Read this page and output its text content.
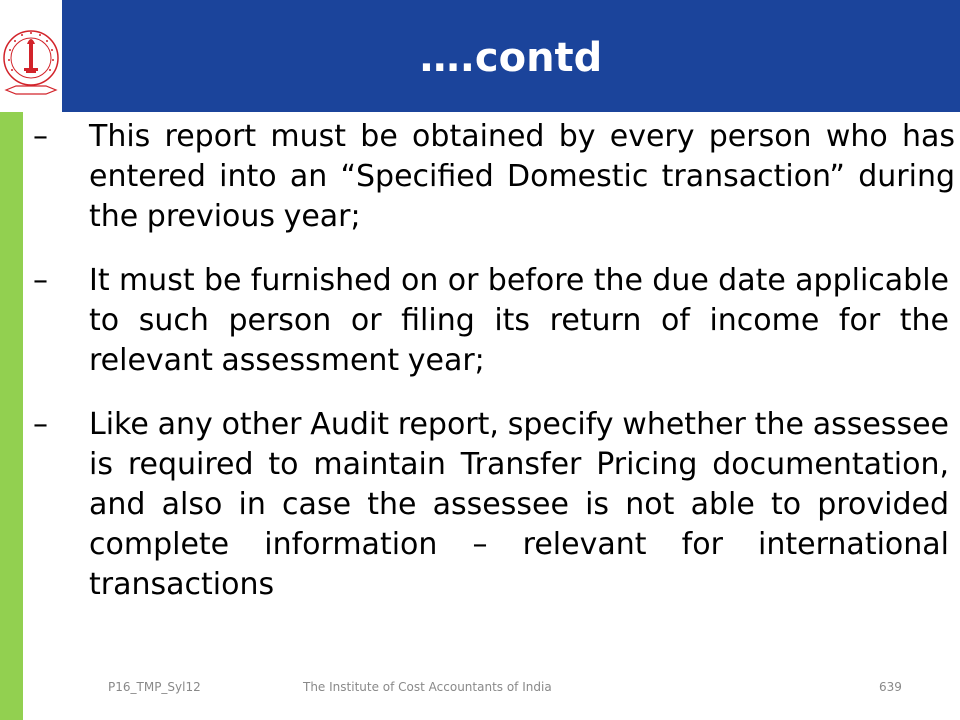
….contd
– This report must be obtained by every person who has entered into an “Specified Domestic transaction” during the previous year;
– It must be furnished on or before the due date applicable to such person or filing its return of income for the relevant assessment year;
– Like any other Audit report, specify whether the assessee is required to maintain Transfer Pricing documentation, and also in case the assessee is not able to provided complete information – relevant for international transactions
P16_TMP_Syl12	The Institute of Cost Accountants of India	639
